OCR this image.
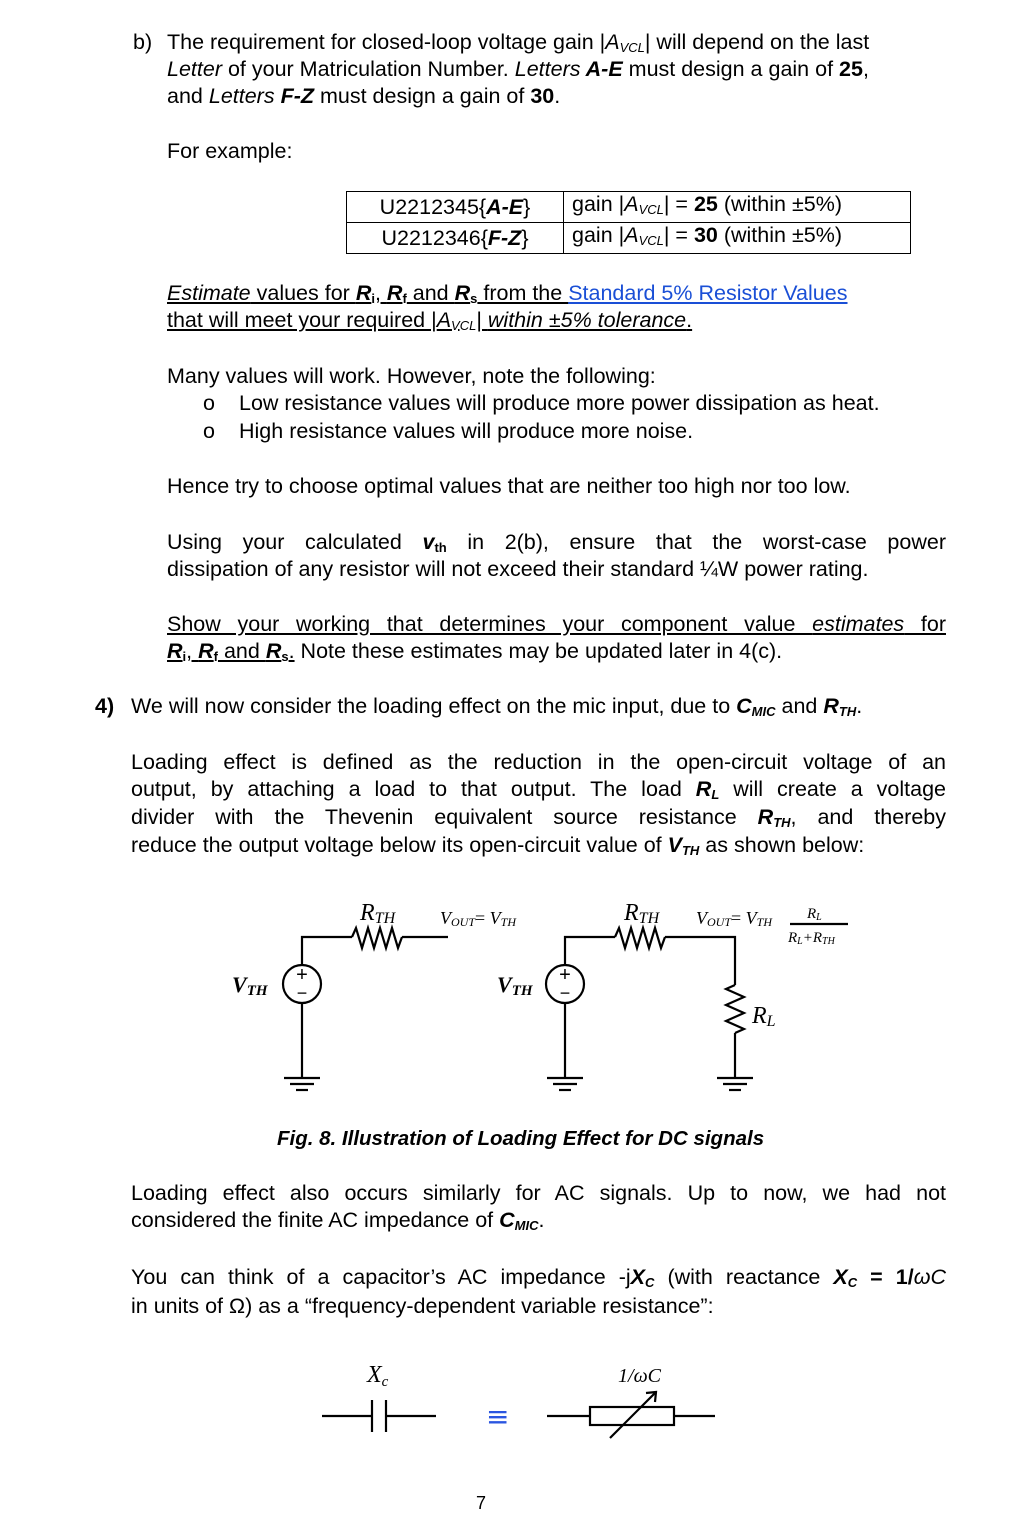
b) The requirement for closed-loop voltage gain $|A_{VCL}|$ will depend on the last
Letter of your Matriculation Number. Letters A-E must design a gain of 25,
and Letters F-Z must design a gain of 30.
For example:
U2212345{A-E}	gain $|A_{VCL}| = 25$ (within ±5%)
U2212346{F-Z}	gain $|A_{VCL}| = 30$ (within ±5%)
Estimate values for $R_i$, $R_f$ and $R_s$ from the Standard 5% Resistor Values
that will meet your required $|A_{VCL}|$ within ±5% tolerance.
Many values will work. However, note the following:
o Low resistance values will produce more power dissipation as heat.
o High resistance values will produce more noise.
Hence try to choose optimal values that are neither too high nor too low.
Using your calculated $v_{th}$ in 2(b), ensure that the worst-case power
dissipation of any resistor will not exceed their standard ¼W power rating.
Show your working that determines your component value estimates for
$R_i$, $R_f$ and $R_s$. Note these estimates may be updated later in 4(c).
4) We will now consider the loading effect on the mic input, due to $C_{MIC}$ and $R_{TH}$.
Loading effect is defined as the reduction in the open-circuit voltage of an
output, by attaching a load to that output. The load $R_L$ will create a voltage
divider with the Thevenin equivalent source resistance $R_{TH}$, and thereby
reduce the output voltage below its open-circuit value of $V_{TH}$ as shown below:
+
−
+
−
RTH VOUT= VTH
VTH
RTH VOUT= VTH RL
RL+RTH
VTH
RL
Fig. 8. Illustration of Loading Effect for DC signals
Loading effect also occurs similarly for AC signals. Up to now, we had not
considered the finite AC impedance of $C_{MIC}$.
You can think of a capacitor’s AC impedance $-jX_C$ (with reactance $X_C = 1/\omega C$
in units of Ω) as a “frequency-dependent variable resistance”:
Xc
≡
1/ωC
7
